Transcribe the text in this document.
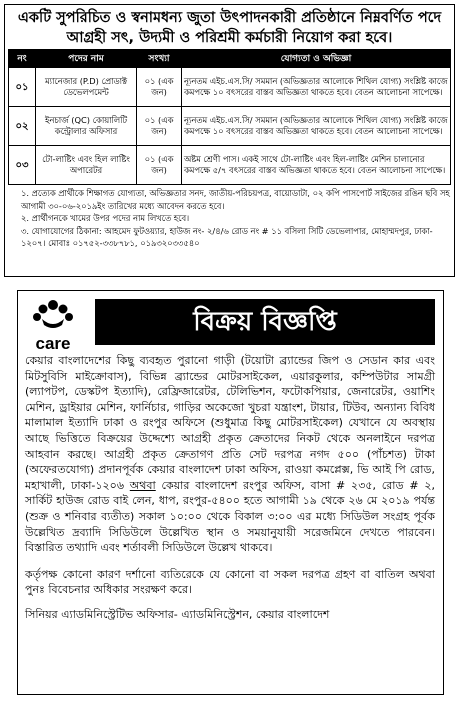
একটি সুপরিচিত ও স্বনামধন্য জুতা উৎপাদনকারী প্রতিষ্ঠানে নিম্নবর্ণিত পদে আগ্রহী সৎ, উদ্যমী ও পরিশ্রমী কর্মচারী নিয়োগ করা হবে।
নং	পদের নাম	সংখ্যা	যোগ্যতা ও অভিজ্ঞা
০১	ম্যানেজার (P.D) প্রোডাক্ট ডেভেলপমেন্ট	০১ (এক জন)	ন্যূনতম এইচ.এস.সি/ সমমান (অভিজ্ঞতার আলোকে শিথিল যোগ্য) সংশ্লিষ্ট কাজে কমপক্ষে ১০ বৎসরের বাস্তব অভিজ্ঞতা থাকতে হবে। বেতন আলোচনা সাপেক্ষে।
০২	ইনচার্জ (QC) কোয়ালিটি কন্ট্রোলার অফিসার	০১ (এক জন)	ন্যূনতম এইচ.এস.সি/ সমমান (অভিজ্ঞতার আলোকে শিথিল যোগ্য) সংশ্লিষ্ট কাজে কমপক্ষে ১০ বৎসরের বাস্তব অভিজ্ঞতা থাকতে হবে। বেতন আলোচনা সাপেক্ষে।
০৩	টো-লাষ্টিং এবং হিল লাষ্টিং অপারেটর	০১ (এক জন)	অষ্টম শ্রেণী পাস। একই সাথে টো-লাষ্টিং এবং হিল-লাষ্টিং মেশিন চালানোর কমপক্ষে ৫/৭ বৎসরের বাস্তব অভিজ্ঞতা থাকতে হবে। বেতন আলোচনা সাপেক্ষে।

১. প্রত্যেক প্রার্থীকে শিক্ষাগত যোগ্যতা, অভিজ্ঞতার সনদ, জাতীয়-পরিচয়পত্র, বায়োডাটা, ০২ কপি পাসপোর্ট সাইজের রঙিন ছবি সহ আগামী ৩০-০৬-২০১৯ইং তারিখের মধ্যে আবেদন করতে হবে।

২. প্রার্থীগনকে খামের উপর পদের নাম লিখতে হবে।

৩. যোগাযোগের ঠিকানা: আহমেদ ফুটওয়্যার, হাউজ নং- ২/৪/৬ রোড নং # ১১ বসিলা সিটি ডেভেলাপার, মোহাম্মদপুর, ঢাকা- ১২০৭। মোবাঃ ০১৭৫২-৩৩৮৭৮১, ০১৯৩২০৩৩৫৪০

care
বিক্রয় বিজ্ঞপ্তি

কেয়ার বাংলাদেশের কিছু ব্যবহৃত পুরানো গাড়ী (টয়োটা ব্র্যান্ডের জিপ ও সেডান কার এবং মিটসুবিসি মাইক্রোবাস), বিভিন্ন ব্র্যান্ডের মোটরসাইকেল, এয়ারকুলার, কম্পিউটার সামগ্রী (ল্যাপটপ, ডেস্কটপ ইত্যাদি), রেফ্রিজারেটর, টেলিভিশন, ফটোকপিয়ার, জেনারেটর, ওয়াশিং মেশিন, ড্রাইয়ার মেশিন, ফার্নিচার, গাড়ির অকেজো খুচরা যন্ত্রাংশ, টায়ার, টিউব, অন্যান্য বিবিধ মালামাল ইত্যাদি ঢাকা ও রংপুর অফিসে (শুধুমাত্র কিছু মোটরসাইকেল) যেখানে যে অবস্থায় আছে ভিত্তিতে বিক্রয়ের উদ্দেশ্যে আগ্রহী প্রকৃত ক্রেতাদের নিকট থেকে অনলাইনে দরপত্র আহবান করছে। আগ্রহী প্রকৃত ক্রেতাগণ প্রতি সেট দরপত্র নগদ ৫০০ (পাঁচশত) টাকা (অফেরতযোগ্য) প্রদানপূর্বক কেয়ার বাংলাদেশ ঢাকা অফিস, রাওয়া কমপ্লেক্স, ভি আই পি রোড, মহাখালী, ঢাকা-১২০৬ অথবা কেয়ার বাংলাদেশ রংপুর অফিস, বাসা # ২৩৫, রোড # ২, সার্কিট হাউজ রোড বাই লেন, ধাপ, রংপুর-৫৪০০ হতে আগামী ১৯ থেকে ২৬ মে ২০১৯ পর্যন্ত (শুক্র ও শনিবার ব্যতীত) সকাল ১০:০০ থেকে বিকাল ৩:০০ এর মধ্যে সিডিউল সংগ্রহ পূর্বক উল্লেখিত দ্রব্যাদি সিডিউলে উল্লেখিত স্থান ও সময়ানুযায়ী সরেজমিনে দেখতে পারবেন। বিস্তারিত তথ্যাদি এবং শর্তাবলী সিডিউলে উল্লেখ থাকবে।

কর্তৃপক্ষ কোনো কারণ দর্শানো ব্যতিরেকে যে কোনো বা সকল দরপত্র গ্রহণ বা বাতিল অথবা পুনঃ বিবেচনার অধিকার সংরক্ষণ করে।

সিনিয়র এ্যাডমিনিস্ট্রেটিভ অফিসার- এ্যাডমিনিস্ট্রেশন, কেয়ার বাংলাদেশ
